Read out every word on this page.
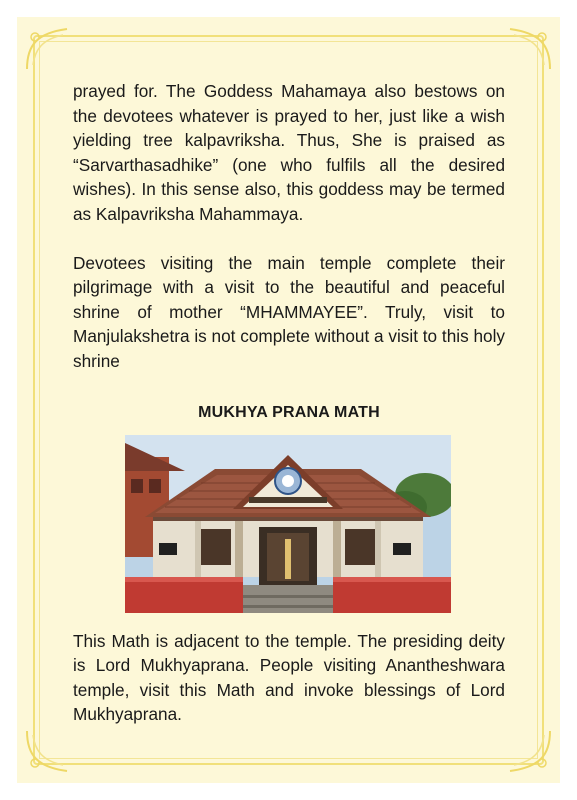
prayed for. The Goddess Mahamaya also bestows on the devotees whatever is prayed to her, just like a wish yielding tree kalpavriksha. Thus, She is praised as “Sarvarthasadhike” (one who fulfils all the desired wishes). In this sense also, this goddess may be termed as Kalpavriksha Mahammaya.

Devotees visiting the main temple complete their pilgrimage with a visit to the beautiful and peaceful shrine of mother “MHAMMAYEE”. Truly, visit to Manjulakshetra is not complete without a visit to this holy shrine

MUKHYA PRANA MATH

This Math is adjacent to the temple. The presiding deity is Lord Mukhyaprana. People visiting Anantheshwara temple, visit this Math and invoke blessings of Lord Mukhyaprana.
